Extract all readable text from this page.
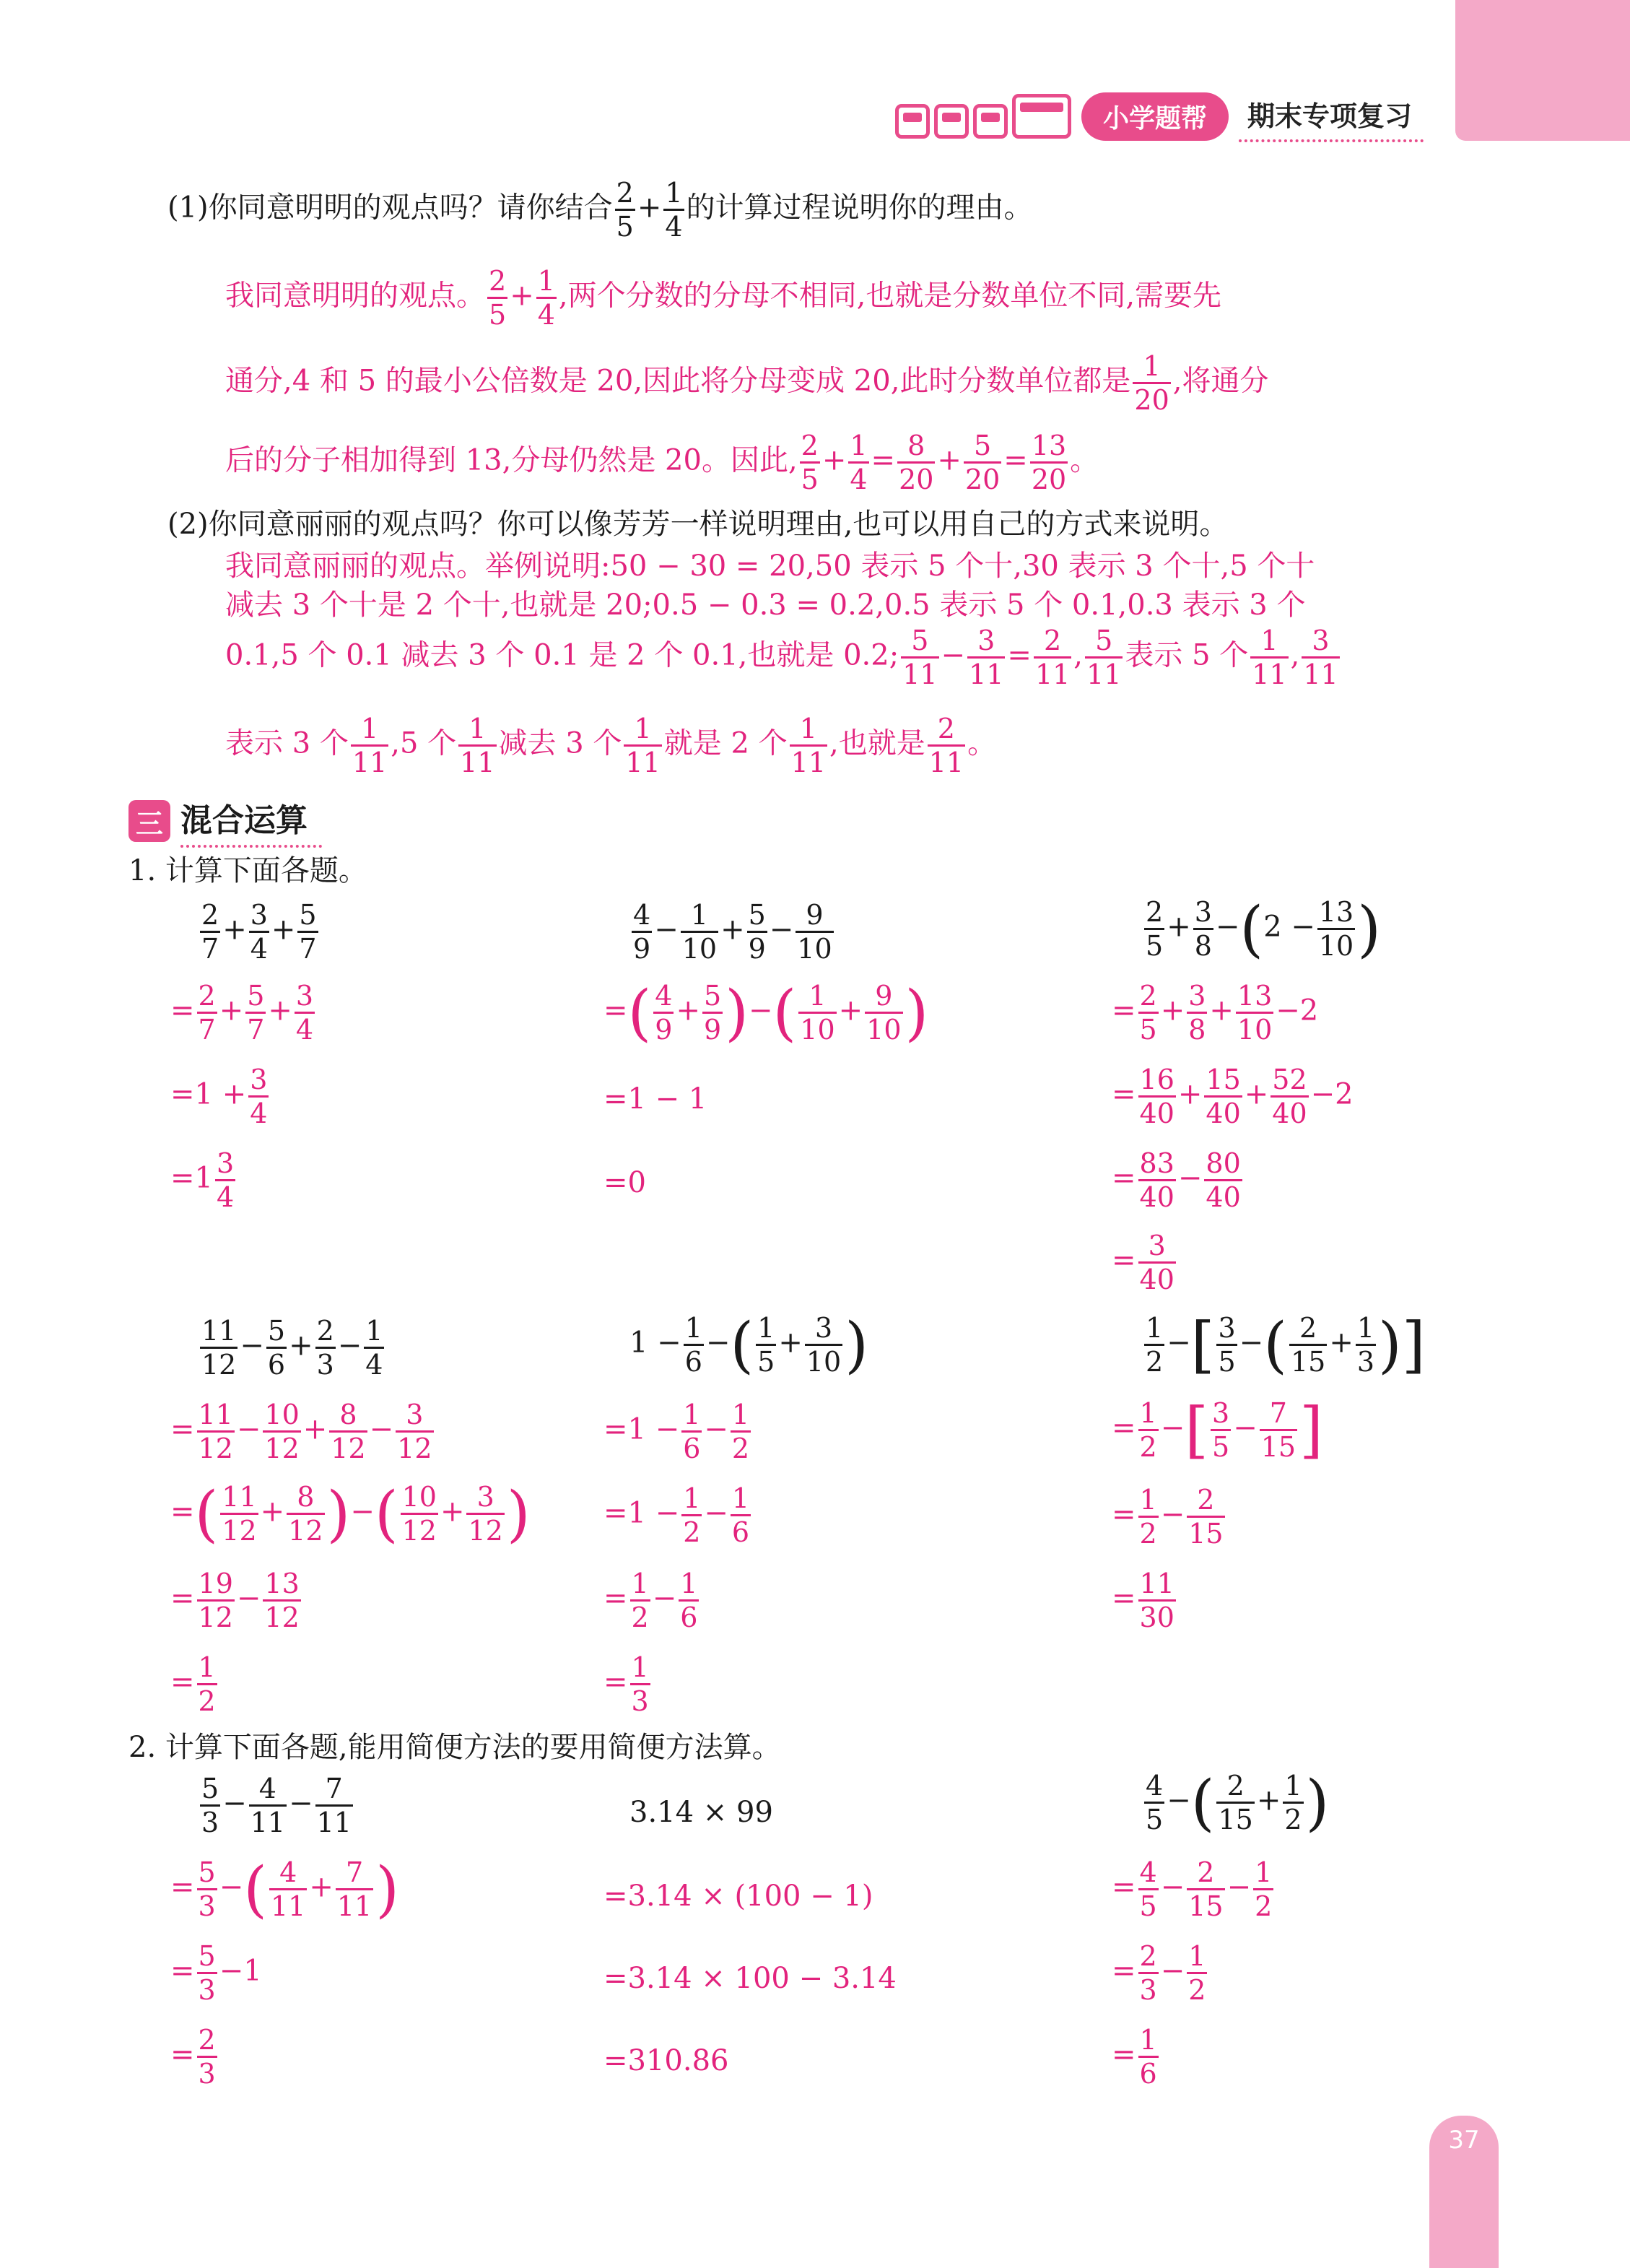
小学题帮	期末专项复习
(1)你同意明明的观点吗？请你结合 $\frac{2}{5} + \frac{1}{4}$ 的计算过程说明你的理由。
我同意明明的观点。 $\frac{2}{5} + \frac{1}{4}$ ,两个分数的分母不相同,也就是分数单位不同,需要先
通分,4 和 5 的最小公倍数是 20,因此将分母变成 20,此时分数单位都是 $\frac{1}{20}$ ,将通分
后的分子相加得到 13,分母仍然是 20。因此, $\frac{2}{5} + \frac{1}{4} = \frac{8}{20} + \frac{5}{20} = \frac{13}{20}$ 。
(2)你同意丽丽的观点吗？你可以像芳芳一样说明理由,也可以用自己的方式来说明。
我同意丽丽的观点。举例说明:50 − 30 = 20,50 表示 5 个十,30 表示 3 个十,5 个十
减去 3 个十是 2 个十,也就是 20;0.5 − 0.3 = 0.2,0.5 表示 5 个 0.1,0.3 表示 3 个
0.1,5 个 0.1 减去 3 个 0.1 是 2 个 0.1,也就是 0.2; $\frac{5}{11} - \frac{3}{11} = \frac{2}{11}$ , $\frac{5}{11}$ 表示 5 个 $\frac{1}{11}$ , $\frac{3}{11}$
表示 3 个 $\frac{1}{11} ,5$ 个 $\frac{1}{11}$ 减去 3 个 $\frac{1}{11}$ 就是 2 个 $\frac{1}{11}$ ,也就是 $\frac{2}{11}$ 。
三 混合运算
1. 计算下面各题。
$\frac{2}{7} + \frac{3}{4} + \frac{5}{7}$
= $\frac{2}{7} + \frac{5}{7} + \frac{3}{4}$
$=1 + \frac{3}{4}$
$=1 \frac{3}{4}$
$\frac{4}{9} - \frac{1}{10} + \frac{5}{9} - \frac{9}{10}$
=( $\frac{4}{9} + \frac{5}{9}$ )−( $\frac{1}{10} + \frac{9}{10}$ )
=1 − 1
=0
$\frac{2}{5} + \frac{3}{8} -(2 - \frac{13}{10}$ )
= $\frac{2}{5} + \frac{3}{8} + \frac{13}{10} -2$
= $\frac{16}{40} + \frac{15}{40} + \frac{52}{40} -2$
= $\frac{83}{40} - \frac{80}{40}$
= $\frac{3}{40}$
$\frac{11}{12} - \frac{5}{6} + \frac{2}{3} - \frac{1}{4}$
= $\frac{11}{12} - \frac{10}{12} + \frac{8}{12} - \frac{3}{12}$
=( $\frac{11}{12} + \frac{8}{12}$ )−( $\frac{10}{12} + \frac{3}{12}$ )
= $\frac{19}{12} - \frac{13}{12}$
= $\frac{1}{2}$
$1 - \frac{1}{6}$ −( $\frac{1}{5} + \frac{3}{10}$ )
$=1 - \frac{1}{6} - \frac{1}{2}$
$=1 - \frac{1}{2} - \frac{1}{6}$
= $\frac{1}{2} - \frac{1}{6}$
= $\frac{1}{3}$
$\frac{1}{2}$ −[ $\frac{3}{5}$ −( $\frac{2}{15} + \frac{1}{3}$ )]
= $\frac{1}{2}$ −[ $\frac{3}{5} - \frac{7}{15}$ ]
= $\frac{1}{2} - \frac{2}{15}$
= $\frac{11}{30}$
2. 计算下面各题,能用简便方法的要用简便方法算。
$\frac{5}{3} - \frac{4}{11} - \frac{7}{11}$
= $\frac{5}{3}$ −( $\frac{4}{11} + \frac{7}{11}$ )
= $\frac{5}{3} -1$
= $\frac{2}{3}$
3.14 × 99
=3.14 × (100 − 1)
=3.14 × 100 − 3.14
=310.86
$\frac{4}{5}$ −( $\frac{2}{15} + \frac{1}{2}$ )
= $\frac{4}{5} - \frac{2}{15} - \frac{1}{2}$
= $\frac{2}{3} - \frac{1}{2}$
= $\frac{1}{6}$
37
